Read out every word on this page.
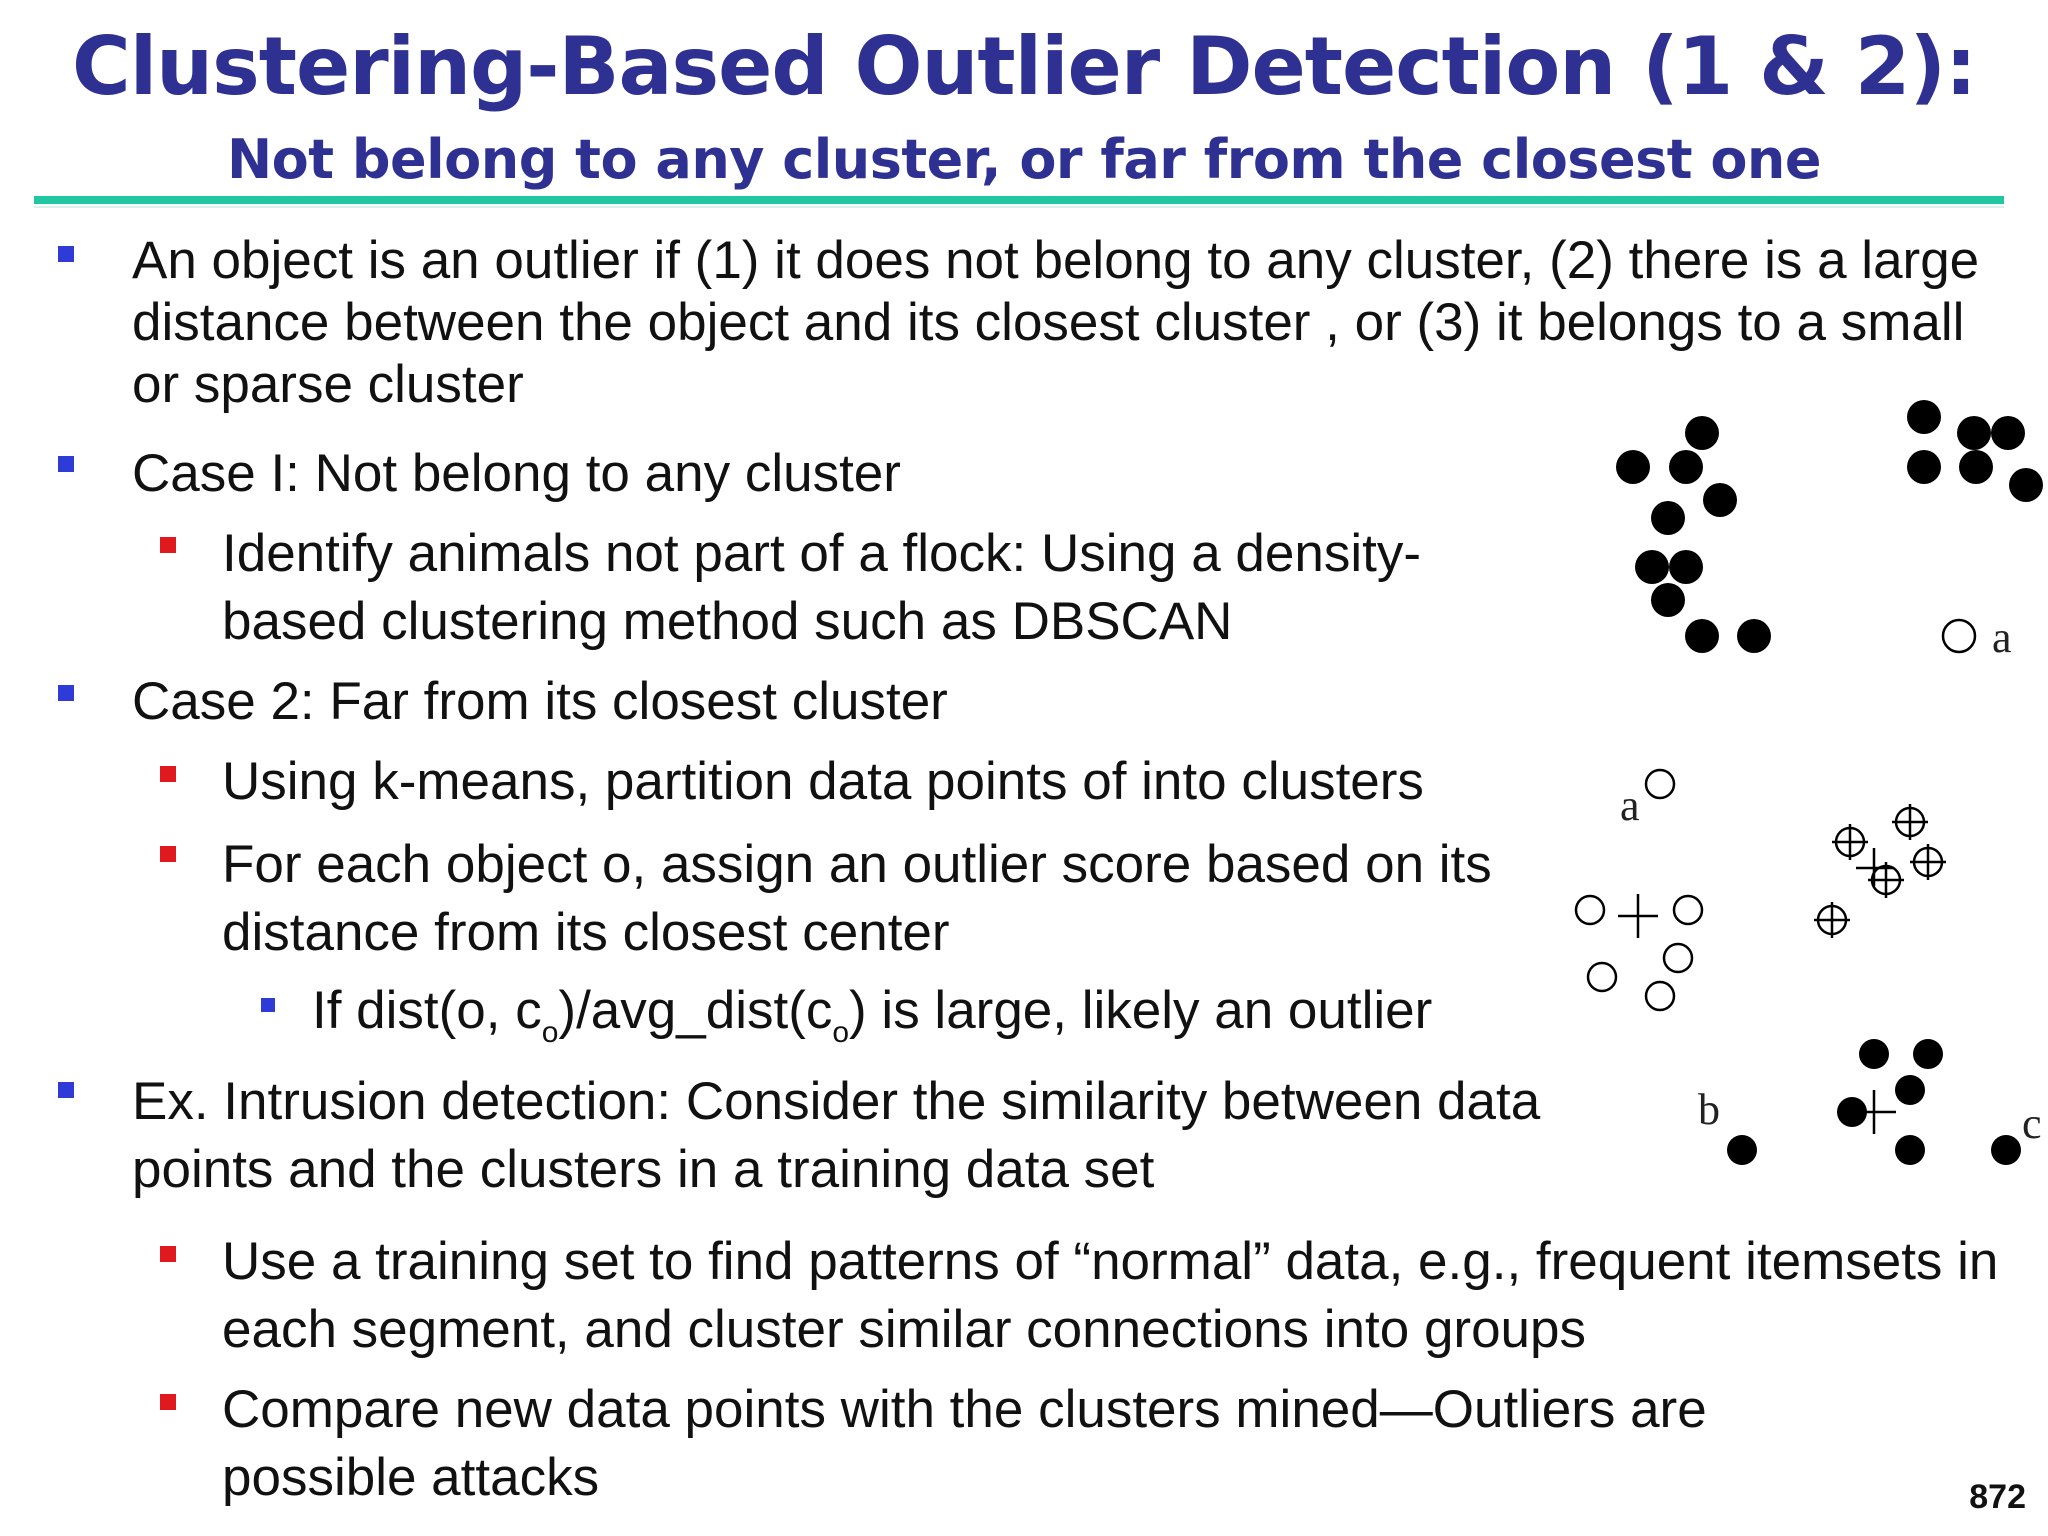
Clustering-Based Outlier Detection (1 & 2):
Not belong to any cluster, or far from the closest one
An object is an outlier if (1) it does not belong to any cluster, (2) there is a large distance between the object and its closest cluster , or (3) it belongs to a small or sparse cluster
Case I: Not belong to any cluster
Identify animals not part of a flock: Using a density-based clustering method such as DBSCAN
Case 2: Far from its closest cluster
Using k-means, partition data points of into clusters
For each object o, assign an outlier score based on its distance from its closest center
If dist(o, $c_o)/avg\_dist(c_o)$ is large, likely an outlier
Ex. Intrusion detection: Consider the similarity between data points and the clusters in a training data set
Use a training set to find patterns of “normal” data, e.g., frequent itemsets in each segment, and cluster similar connections into groups
Compare new data points with the clusters mined—Outliers are possible attacks	872
a
a
b	c
